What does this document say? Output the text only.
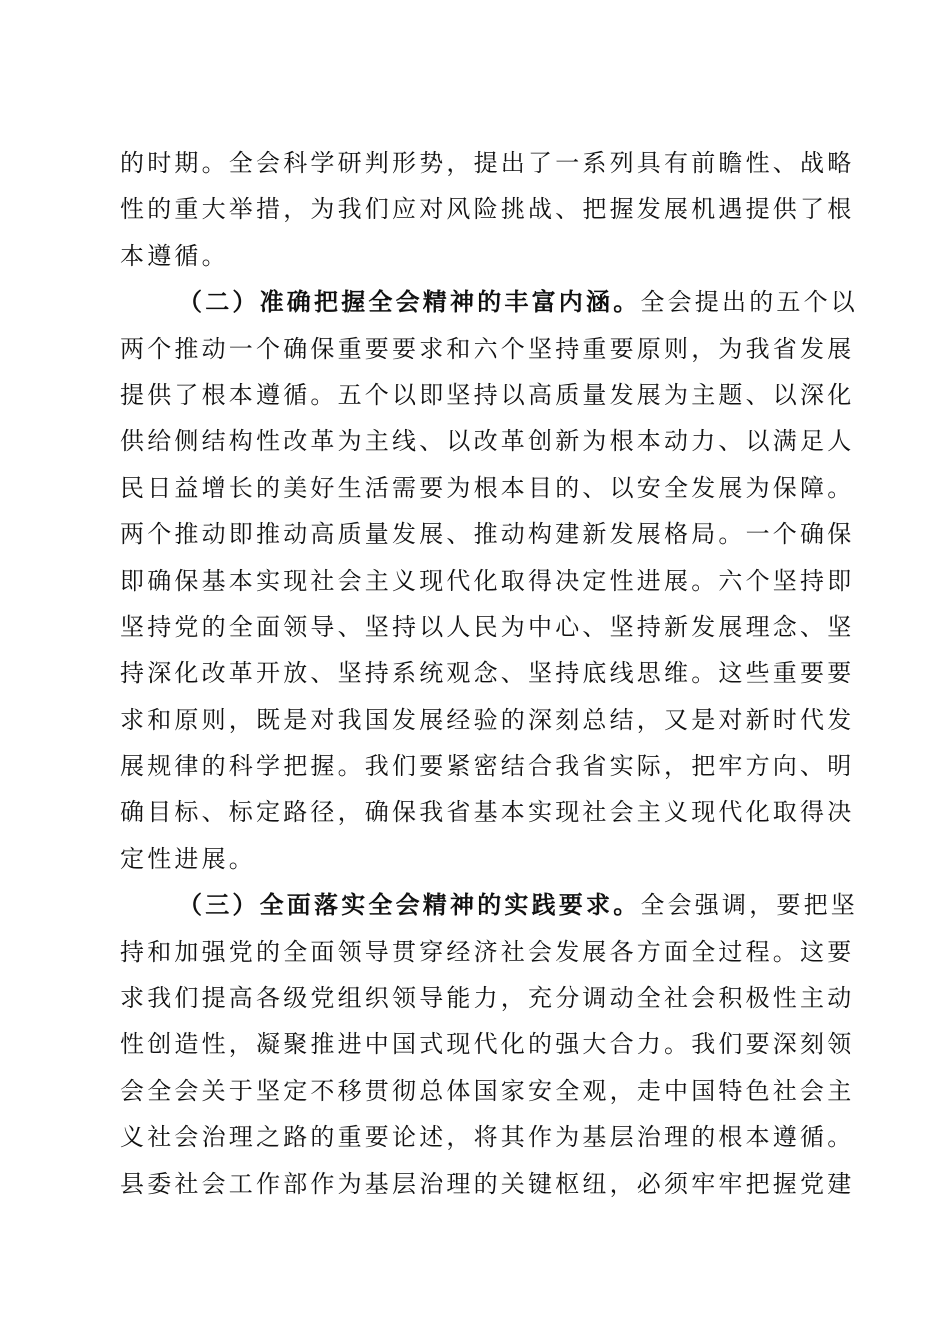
的时期。全会科学研判形势，提出了一系列具有前瞻性、战略
性的重大举措，为我们应对风险挑战、把握发展机遇提供了根
本遵循。
（二）准确把握全会精神的丰富内涵。全会提出的五个以
两个推动一个确保重要要求和六个坚持重要原则，为我省发展
提供了根本遵循。五个以即坚持以高质量发展为主题、以深化
供给侧结构性改革为主线、以改革创新为根本动力、以满足人
民日益增长的美好生活需要为根本目的、以安全发展为保障。
两个推动即推动高质量发展、推动构建新发展格局。一个确保
即确保基本实现社会主义现代化取得决定性进展。六个坚持即
坚持党的全面领导、坚持以人民为中心、坚持新发展理念、坚
持深化改革开放、坚持系统观念、坚持底线思维。这些重要要
求和原则，既是对我国发展经验的深刻总结，又是对新时代发
展规律的科学把握。我们要紧密结合我省实际，把牢方向、明
确目标、标定路径，确保我省基本实现社会主义现代化取得决
定性进展。
（三）全面落实全会精神的实践要求。全会强调，要把坚
持和加强党的全面领导贯穿经济社会发展各方面全过程。这要
求我们提高各级党组织领导能力，充分调动全社会积极性主动
性创造性，凝聚推进中国式现代化的强大合力。我们要深刻领
会全会关于坚定不移贯彻总体国家安全观，走中国特色社会主
义社会治理之路的重要论述，将其作为基层治理的根本遵循。
县委社会工作部作为基层治理的关键枢纽，必须牢牢把握党建
